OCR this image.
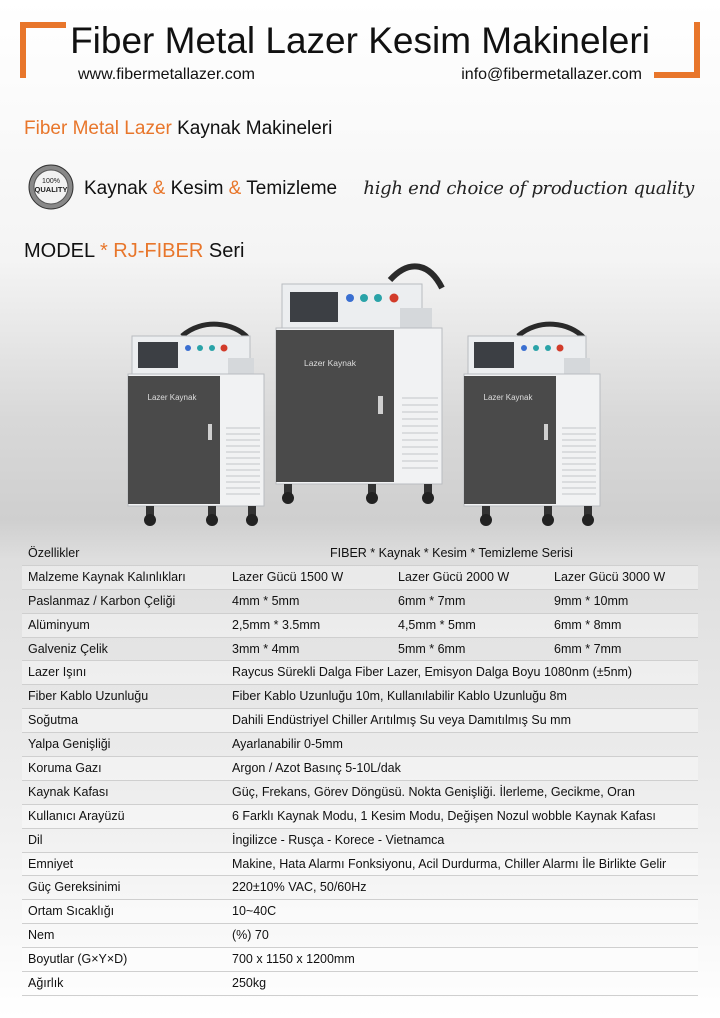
Fiber Metal Lazer Kesim Makineleri
www.fibermetallazer.com	info@fibermetallazer.com
Fiber Metal Lazer Kaynak Makineleri
100%
QUALITY Kaynak & Kesim & Temizleme high end choice of production quality
MODEL * RJ-FIBER Seri
Lazer Kaynak
Lazer Kaynak
Lazer Kaynak
Özellikler	FIBER * Kaynak * Kesim * Temizleme Serisi
Malzeme Kaynak Kalınlıkları	Lazer Gücü 1500 W	Lazer Gücü 2000 W	Lazer Gücü 3000 W
Paslanmaz / Karbon Çeliği	4mm * 5mm	6mm * 7mm	9mm * 10mm
Alüminyum	2,5mm * 3.5mm	4,5mm * 5mm	6mm * 8mm
Galveniz Çelik	3mm * 4mm	5mm * 6mm	6mm * 7mm
Lazer Işını	Raycus Sürekli Dalga Fiber Lazer, Emisyon Dalga Boyu 1080nm (±5nm)
Fiber Kablo Uzunluğu	Fiber Kablo Uzunluğu 10m, Kullanılabilir Kablo Uzunluğu 8m
Soğutma	Dahili Endüstriyel Chiller Arıtılmış Su veya Damıtılmış Su mm
Yalpa Genişliği	Ayarlanabilir 0-5mm
Koruma Gazı	Argon / Azot Basınç 5-10L/dak
Kaynak Kafası	Güç, Frekans, Görev Döngüsü. Nokta Genişliği. İlerleme, Gecikme, Oran
Kullanıcı Arayüzü	6 Farklı Kaynak Modu, 1 Kesim Modu, Değişen Nozul wobble Kaynak Kafası
Dil	İngilizce - Rusça - Korece - Vietnamca
Emniyet	Makine, Hata Alarmı Fonksiyonu, Acil Durdurma, Chiller Alarmı İle Birlikte Gelir
Güç Gereksinimi	220±10% VAC, 50/60Hz
Ortam Sıcaklığı	10~40C
Nem	(%) 70
Boyutlar (G×Y×D)	700 x 1150 x 1200mm
Ağırlık	250kg
